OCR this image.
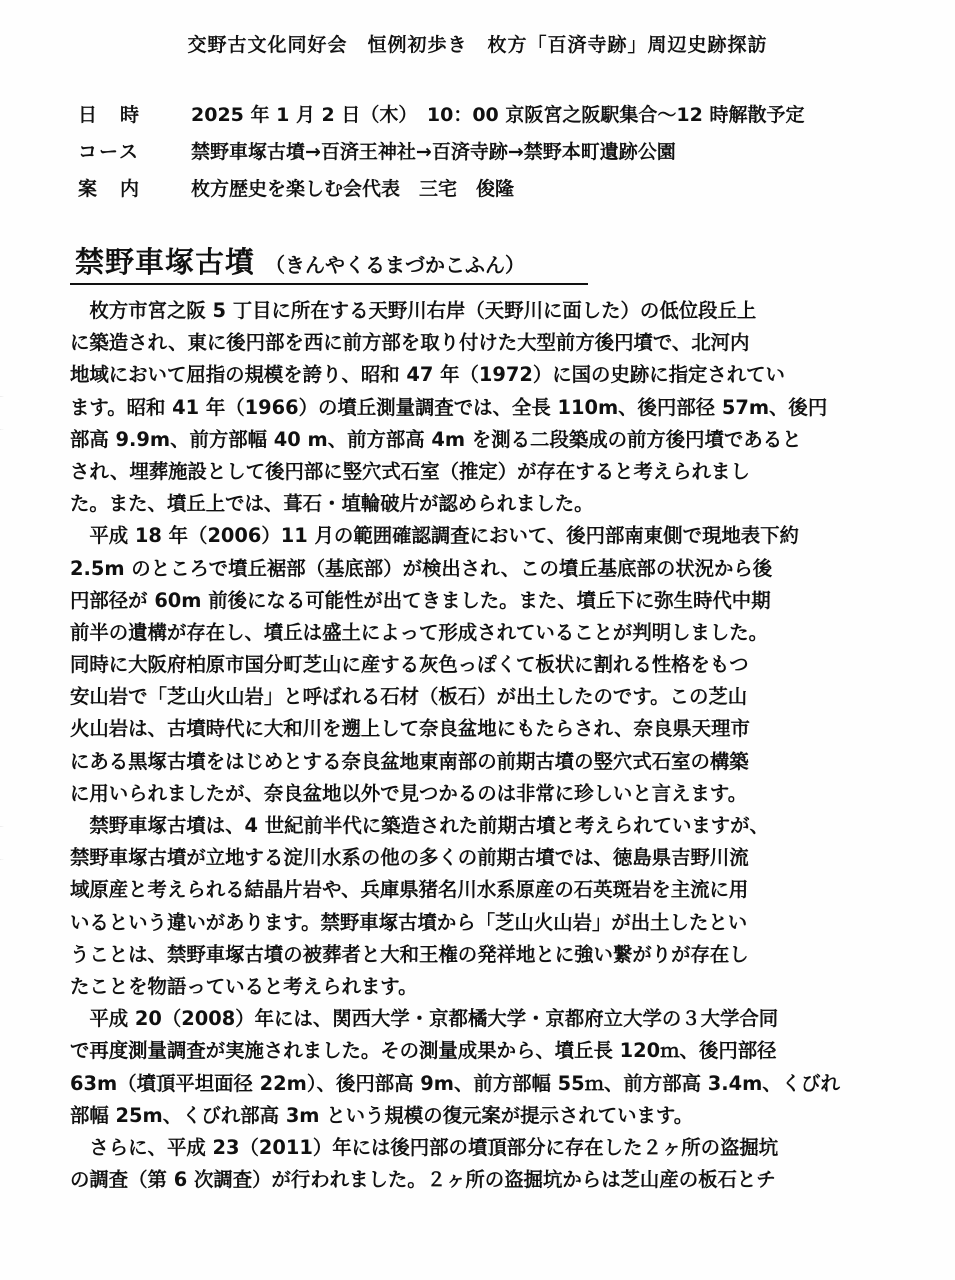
交野古文化同好会　恒例初歩き　枚方「百済寺跡」周辺史跡探訪
日　時	2025 年 1 月 2 日（木）　10：00 京阪宮之阪駅集合～12 時解散予定
コース	禁野車塚古墳→百済王神社→百済寺跡→禁野本町遺跡公園
案　内	枚方歴史を楽しむ会代表　三宅　俊隆
禁野車塚古墳 （きんやくるまづかこふん）
　枚方市宮之阪 5 丁目に所在する天野川右岸（天野川に面した）の低位段丘上
に築造され、東に後円部を西に前方部を取り付けた大型前方後円墳で、北河内
地域において屈指の規模を誇り、昭和 47 年（1972）に国の史跡に指定されてい
ます。昭和 41 年（1966）の墳丘測量調査では、全長 110m、後円部径 57m、後円
部高 9.9m、前方部幅 40 m、前方部高 4m を測る二段築成の前方後円墳であると
され、埋葬施設として後円部に竪穴式石室（推定）が存在すると考えられまし
た。また、墳丘上では、葺石・埴輪破片が認められました。
　平成 18 年（2006）11 月の範囲確認調査において、後円部南東側で現地表下約
2.5m のところで墳丘裾部（基底部）が検出され、この墳丘基底部の状況から後
円部径が 60m 前後になる可能性が出てきました。また、墳丘下に弥生時代中期
前半の遺構が存在し、墳丘は盛土によって形成されていることが判明しました。
同時に大阪府柏原市国分町芝山に産する灰色っぽくて板状に割れる性格をもつ
安山岩で「芝山火山岩」と呼ばれる石材（板石）が出土したのです。この芝山
火山岩は、古墳時代に大和川を遡上して奈良盆地にもたらされ、奈良県天理市
にある黒塚古墳をはじめとする奈良盆地東南部の前期古墳の竪穴式石室の構築
に用いられましたが、奈良盆地以外で見つかるのは非常に珍しいと言えます。
　禁野車塚古墳は、4 世紀前半代に築造された前期古墳と考えられていますが、
禁野車塚古墳が立地する淀川水系の他の多くの前期古墳では、徳島県吉野川流
域原産と考えられる結晶片岩や、兵庫県猪名川水系原産の石英斑岩を主流に用
いるという違いがあります。禁野車塚古墳から「芝山火山岩」が出土したとい
うことは、禁野車塚古墳の被葬者と大和王権の発祥地とに強い繋がりが存在し
たことを物語っていると考えられます。
　平成 20（2008）年には、関西大学・京都橘大学・京都府立大学の３大学合同
で再度測量調査が実施されました。その測量成果から、墳丘長 120ｍ、後円部径
63m（墳頂平坦面径 22m）、後円部高 9m、前方部幅 55ｍ、前方部高 3.4m、くびれ
部幅 25m、くびれ部高 3m という規模の復元案が提示されています。
　さらに、平成 23（2011）年には後円部の墳頂部分に存在した２ヶ所の盗掘坑
の調査（第 6 次調査）が行われました。２ヶ所の盗掘坑からは芝山産の板石とチ
